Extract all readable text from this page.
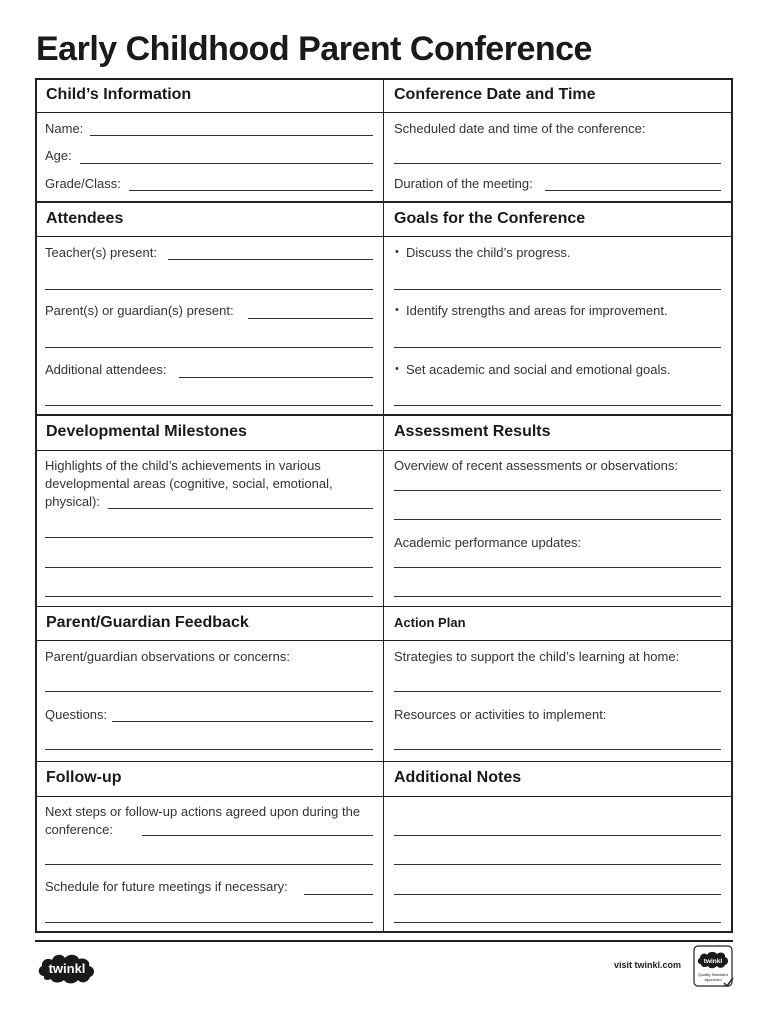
Early Childhood Parent Conference
Child’s Information
Name:
Age:
Grade/Class:
Conference Date and Time
Scheduled date and time of the conference:
Duration of the meeting:
Attendees
Teacher(s) present:
Parent(s) or guardian(s) present:
Additional attendees:
Goals for the Conference
• Discuss the child’s progress.
• Identify strengths and areas for improvement.
• Set academic and social and emotional goals.
Developmental Milestones
Highlights of the child’s achievements in various developmental areas (cognitive, social, emotional, physical):
Assessment Results
Overview of recent assessments or observations:
Academic performance updates:
Parent/Guardian Feedback
Parent/guardian observations or concerns:
Questions:
Action Plan
Strategies to support the child’s learning at home:
Resources or activities to implement:
Follow-up
Next steps or follow-up actions agreed upon during the conference:
Schedule for future meetings if necessary:
Additional Notes
twinkl	visit twinkl.com	twinkl
Quality Standard
Approved
